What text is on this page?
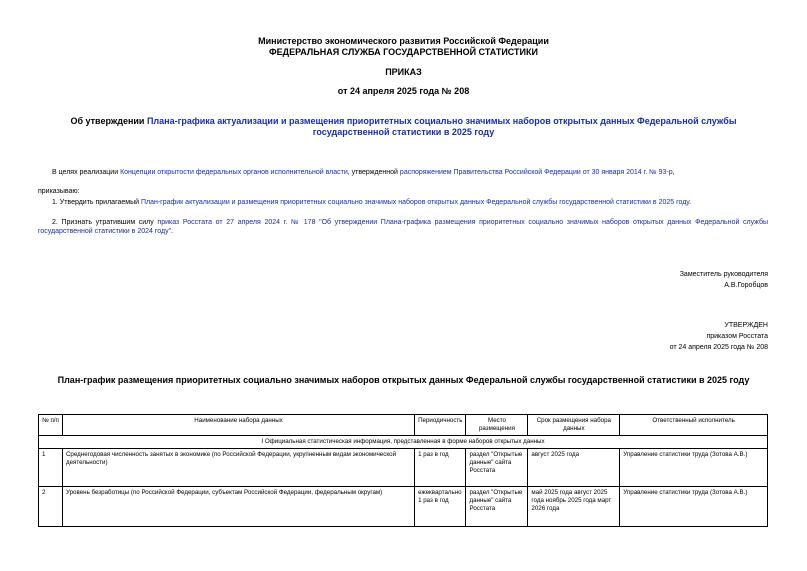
Министерство экономического развития Российской Федерации
ФЕДЕРАЛЬНАЯ СЛУЖБА ГОСУДАРСТВЕННОЙ СТАТИСТИКИ
ПРИКАЗ
от 24 апреля 2025 года № 208
Об утверждении Плана-графика актуализации и размещения приоритетных социально значимых наборов открытых данных Федеральной службы государственной статистики в 2025 году
В целях реализации Концепции открытости федеральных органов исполнительной власти, утвержденной распоряжением Правительства Российской Федерации от 30 января 2014 г. № 93-р,
приказываю:
1. Утвердить прилагаемый План-график актуализации и размещения приоритетных социально значимых наборов открытых данных Федеральной службы государственной статистики в 2025 году.
2. Признать утратившим силу приказ Росстата от 27 апреля 2024 г. № 178 "Об утверждении Плана-графика размещения приоритетных социально значимых наборов открытых данных Федеральной службы государственной статистики в 2024 году".
Заместитель руководителя
А.В.Горобцов
УТВЕРЖДЕН
приказом Росстата
от 24 апреля 2025 года № 208
План-график размещения приоритетных социально значимых наборов открытых данных Федеральной службы государственной статистики в 2025 году
№ п/п	Наименование набора данных	Периодичность	Место размещения	Срок размещения набора данных	Ответственный исполнитель
I Официальная статистическая информация, представленная в форме наборов открытых данных					
1	Среднегодовая численность занятых в экономике (по Российской Федерации, укрупненным видам экономической деятельности)	1 раз в год	раздел "Открытые данные" сайта Росстата	август 2025 года	Управление статистики труда (Зотова А.В.)
2	Уровень безработицы (по Российской Федерации, субъектам Российской Федерации, федеральным округам)	ежеквартально 1 раз в год	раздел "Открытые данные" сайта Росстата	май 2025 года август 2025 года ноябрь 2025 года март 2026 года	Управление статистики труда (Зотова А.В.)
